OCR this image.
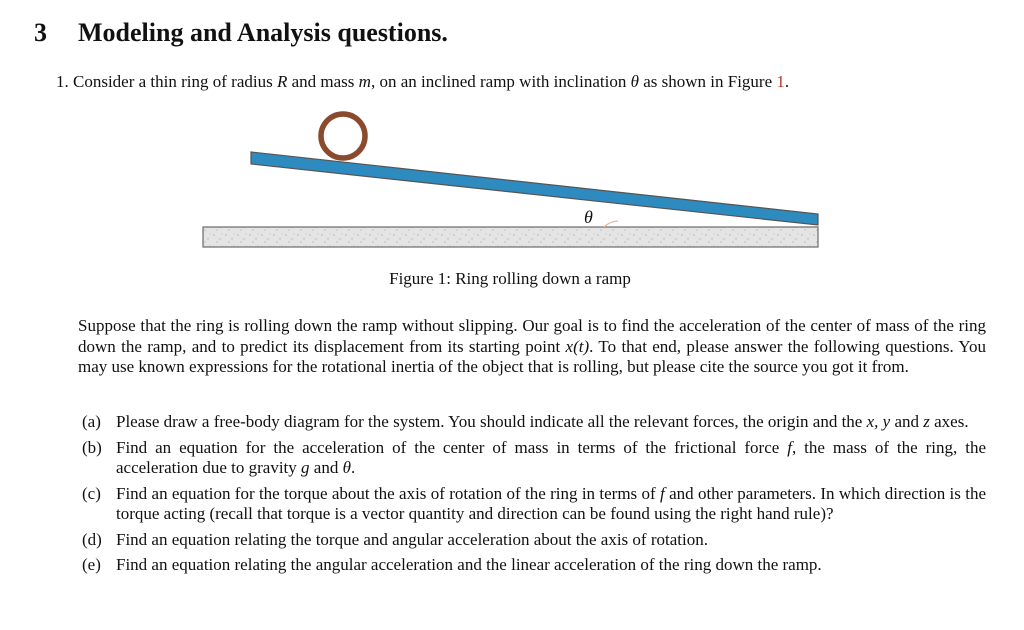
3 Modeling and Analysis questions.
1. Consider a thin ring of radius R and mass m, on an inclined ramp with inclination θ as shown in Figure 1.
θ
Figure 1: Ring rolling down a ramp
Suppose that the ring is rolling down the ramp without slipping. Our goal is to find the acceleration of the center of mass of the ring down the ramp, and to predict its displacement from its starting point x(t). To that end, please answer the following questions. You may use known expressions for the rotational inertia of the object that is rolling, but please cite the source you got it from.
(a) Please draw a free-body diagram for the system. You should indicate all the relevant forces, the origin and the x, y and z axes.
(b) Find an equation for the acceleration of the center of mass in terms of the frictional force f, the mass of the ring, the acceleration due to gravity g and θ.
(c) Find an equation for the torque about the axis of rotation of the ring in terms of f and other parameters. In which direction is the torque acting (recall that torque is a vector quantity and direction can be found using the right hand rule)?
(d) Find an equation relating the torque and angular acceleration about the axis of rotation.
(e) Find an equation relating the angular acceleration and the linear acceleration of the ring down the ramp.
